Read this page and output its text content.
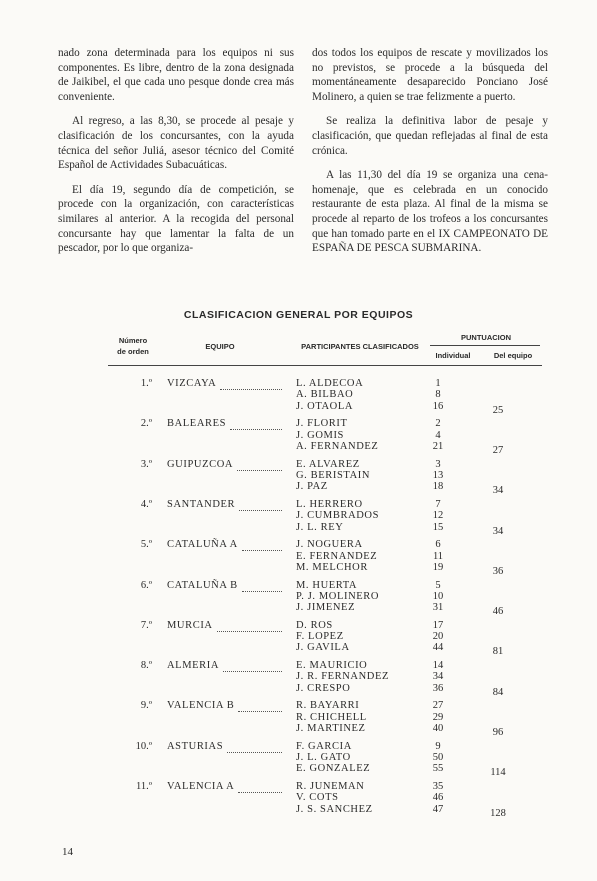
nado zona determinada para los equipos ni sus componentes. Es libre, dentro de la zona designada de Jaikibel, el que cada uno pesque donde crea más conveniente.

Al regreso, a las 8,30, se procede al pesaje y clasificación de los concursantes, con la ayuda técnica del señor Juliá, asesor técnico del Comité Español de Actividades Subacuáticas.

El día 19, segundo día de competición, se procede con la organización, con características similares al anterior. A la recogida del personal concursante hay que lamentar la falta de un pescador, por lo que organiza-

dos todos los equipos de rescate y movilizados los no previstos, se procede a la búsqueda del momentáneamente desaparecido Ponciano José Molinero, a quien se trae felizmente a puerto.

Se realiza la definitiva labor de pesaje y clasificación, que quedan reflejadas al final de esta crónica.

A las 11,30 del día 19 se organiza una cena-homenaje, que es celebrada en un conocido restaurante de esta plaza. Al final de la misma se procede al reparto de los trofeos a los concursantes que han tomado parte en el IX CAMPEONATO DE ESPAÑA DE PESCA SUBMARINA.

CLASIFICACION GENERAL POR EQUIPOS
Número
de orden
EQUIPO	PARTICIPANTES CLASIFICADOS
PUNTUACION
Individual	Del equipo
1.º VIZCAYA	L. ALDECOA	1
A. BILBAO	8
J. OTAOLA	16	25
2.º BALEARES	J. FLORIT	2
J. GOMIS	4
A. FERNANDEZ	21	27
3.º GUIPUZCOA	E. ALVAREZ	3
G. BERISTAIN	13
J. PAZ	18	34
4.º SANTANDER	L. HERRERO	7
J. CUMBRADOS	12
J. L. REY	15	34
5.º CATALUÑA A	J. NOGUERA	6
E. FERNANDEZ	11
M. MELCHOR	19	36
6.º CATALUÑA B	M. HUERTA	5
P. J. MOLINERO	10
J. JIMENEZ	31	46
7.º MURCIA	D. ROS	17
F. LOPEZ	20
J. GAVILA	44	81
8.º ALMERIA	E. MAURICIO	14
J. R. FERNANDEZ	34
J. CRESPO	36	84
9.º VALENCIA B	R. BAYARRI	27
R. CHICHELL	29
J. MARTINEZ	40	96
10.º ASTURIAS	F. GARCIA	9
J. L. GATO	50
E. GONZALEZ	55	114
11.º VALENCIA A	R. JUNEMAN	35
V. COTS	46
J. S. SANCHEZ	47	128
14
